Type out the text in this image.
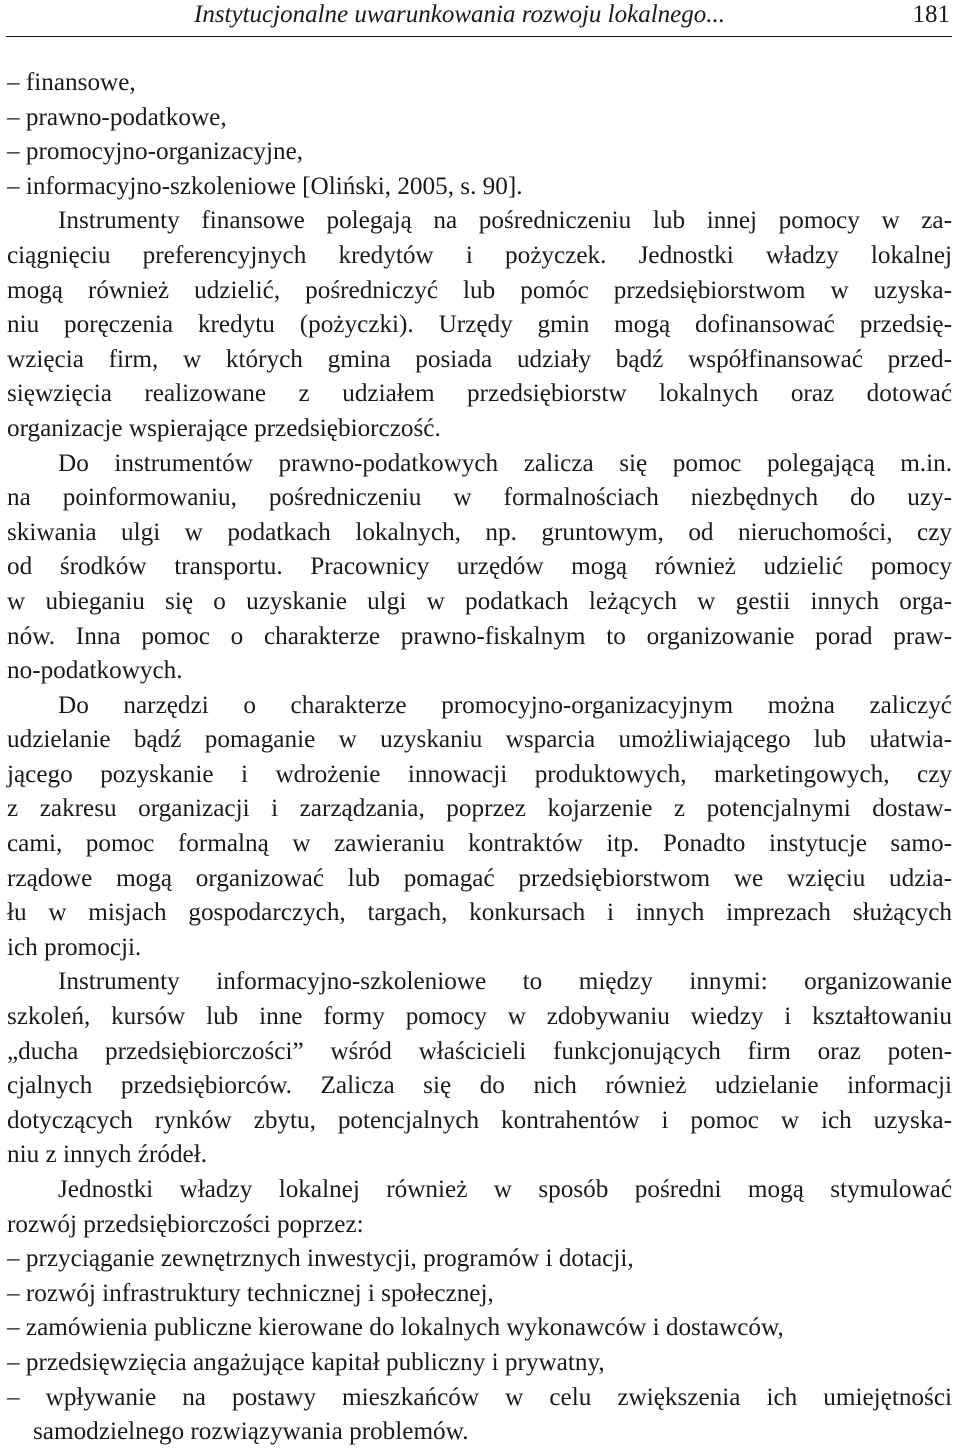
Instytucjonalne uwarunkowania rozwoju lokalnego...	181
– finansowe,
– prawno-podatkowe,
– promocyjno-organizacyjne,
– informacyjno-szkoleniowe [Oliński, 2005, s. 90].
Instrumenty finansowe polegają na pośredniczeniu lub innej pomocy w za-
ciągnięciu preferencyjnych kredytów i pożyczek. Jednostki władzy lokalnej
mogą również udzielić, pośredniczyć lub pomóc przedsiębiorstwom w uzyska-
niu poręczenia kredytu (pożyczki). Urzędy gmin mogą dofinansować przedsię-
wzięcia firm, w których gmina posiada udziały bądź współfinansować przed-
sięwzięcia realizowane z udziałem przedsiębiorstw lokalnych oraz dotować
organizacje wspierające przedsiębiorczość.
Do instrumentów prawno-podatkowych zalicza się pomoc polegającą m.in.
na poinformowaniu, pośredniczeniu w formalnościach niezbędnych do uzy-
skiwania ulgi w podatkach lokalnych, np. gruntowym, od nieruchomości, czy
od środków transportu. Pracownicy urzędów mogą również udzielić pomocy
w ubieganiu się o uzyskanie ulgi w podatkach leżących w gestii innych orga-
nów. Inna pomoc o charakterze prawno-fiskalnym to organizowanie porad praw-
no-podatkowych.
Do narzędzi o charakterze promocyjno-organizacyjnym można zaliczyć
udzielanie bądź pomaganie w uzyskaniu wsparcia umożliwiającego lub ułatwia-
jącego pozyskanie i wdrożenie innowacji produktowych, marketingowych, czy
z zakresu organizacji i zarządzania, poprzez kojarzenie z potencjalnymi dostaw-
cami, pomoc formalną w zawieraniu kontraktów itp. Ponadto instytucje samo-
rządowe mogą organizować lub pomagać przedsiębiorstwom we wzięciu udzia-
łu w misjach gospodarczych, targach, konkursach i innych imprezach służących
ich promocji.
Instrumenty informacyjno-szkoleniowe to między innymi: organizowanie
szkoleń, kursów lub inne formy pomocy w zdobywaniu wiedzy i kształtowaniu
„ducha przedsiębiorczości” wśród właścicieli funkcjonujących firm oraz poten-
cjalnych przedsiębiorców. Zalicza się do nich również udzielanie informacji
dotyczących rynków zbytu, potencjalnych kontrahentów i pomoc w ich uzyska-
niu z innych źródeł.
Jednostki władzy lokalnej również w sposób pośredni mogą stymulować
rozwój przedsiębiorczości poprzez:
– przyciąganie zewnętrznych inwestycji, programów i dotacji,
– rozwój infrastruktury technicznej i społecznej,
– zamówienia publiczne kierowane do lokalnych wykonawców i dostawców,
– przedsięwzięcia angażujące kapitał publiczny i prywatny,
– wpływanie na postawy mieszkańców w celu zwiększenia ich umiejętności
samodzielnego rozwiązywania problemów.
